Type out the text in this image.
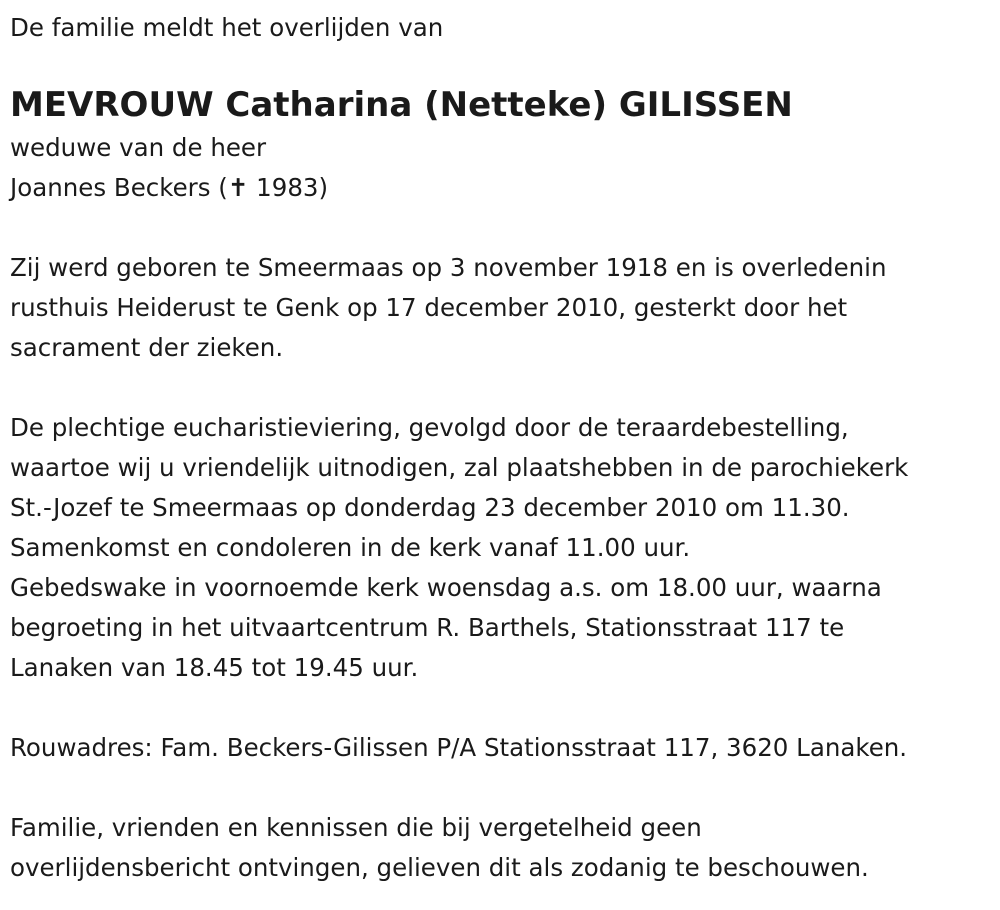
De familie meldt het overlijden van
MEVROUW Catharina (Netteke) GILISSEN
weduwe van de heer
Joannes Beckers (✝ 1983)
Zij werd geboren te Smeermaas op 3 november 1918 en is overledenin
rusthuis Heiderust te Genk op 17 december 2010, gesterkt door het
sacrament der zieken.
De plechtige eucharistieviering, gevolgd door de teraardebestelling,
waartoe wij u vriendelijk uitnodigen, zal plaatshebben in de parochiekerk
St.-Jozef te Smeermaas op donderdag 23 december 2010 om 11.30.
Samenkomst en condoleren in de kerk vanaf 11.00 uur.
Gebedswake in voornoemde kerk woensdag a.s. om 18.00 uur, waarna
begroeting in het uitvaartcentrum R. Barthels, Stationsstraat 117 te
Lanaken van 18.45 tot 19.45 uur.
Rouwadres: Fam. Beckers-Gilissen P/A Stationsstraat 117, 3620 Lanaken.
Familie, vrienden en kennissen die bij vergetelheid geen
overlijdensbericht ontvingen, gelieven dit als zodanig te beschouwen.
